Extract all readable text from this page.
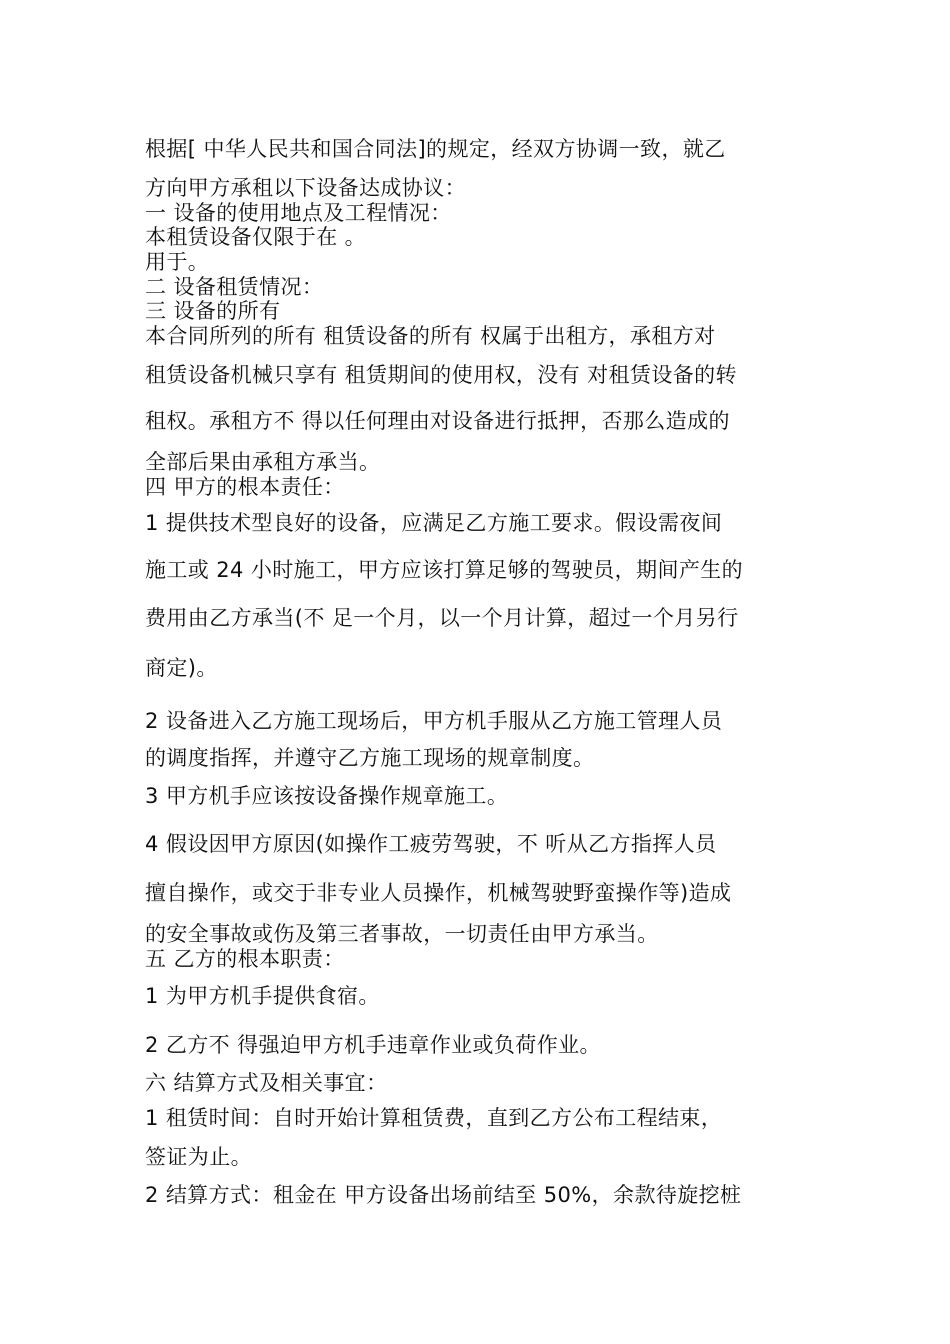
根据[ 中华人民共和国合同法]的规定，经双方协调一致，就乙
方向甲方承租以下设备达成协议：
一 设备的使用地点及工程情况：
本租赁设备仅限于在 。
用于。
二 设备租赁情况：
三 设备的所有
本合同所列的所有 租赁设备的所有 权属于出租方，承租方对
租赁设备机械只享有 租赁期间的使用权，没有 对租赁设备的转
租权。承租方不 得以任何理由对设备进行抵押，否那么造成的
全部后果由承租方承当。
四 甲方的根本责任：
1 提供技术型良好的设备，应满足乙方施工要求。假设需夜间
施工或 24 小时施工，甲方应该打算足够的驾驶员，期间产生的
费用由乙方承当(不 足一个月，以一个月计算，超过一个月另行
商定)。
2 设备进入乙方施工现场后，甲方机手服从乙方施工管理人员
的调度指挥，并遵守乙方施工现场的规章制度。
3 甲方机手应该按设备操作规章施工。
4 假设因甲方原因(如操作工疲劳驾驶，不 听从乙方指挥人员
擅自操作，或交于非专业人员操作，机械驾驶野蛮操作等)造成
的安全事故或伤及第三者事故，一切责任由甲方承当。
五 乙方的根本职责：
1 为甲方机手提供食宿。
2 乙方不 得强迫甲方机手违章作业或负荷作业。
六 结算方式及相关事宜：
1 租赁时间：自时开始计算租赁费，直到乙方公布工程结束，
签证为止。
2 结算方式：租金在 甲方设备出场前结至 50%，余款待旋挖桩
